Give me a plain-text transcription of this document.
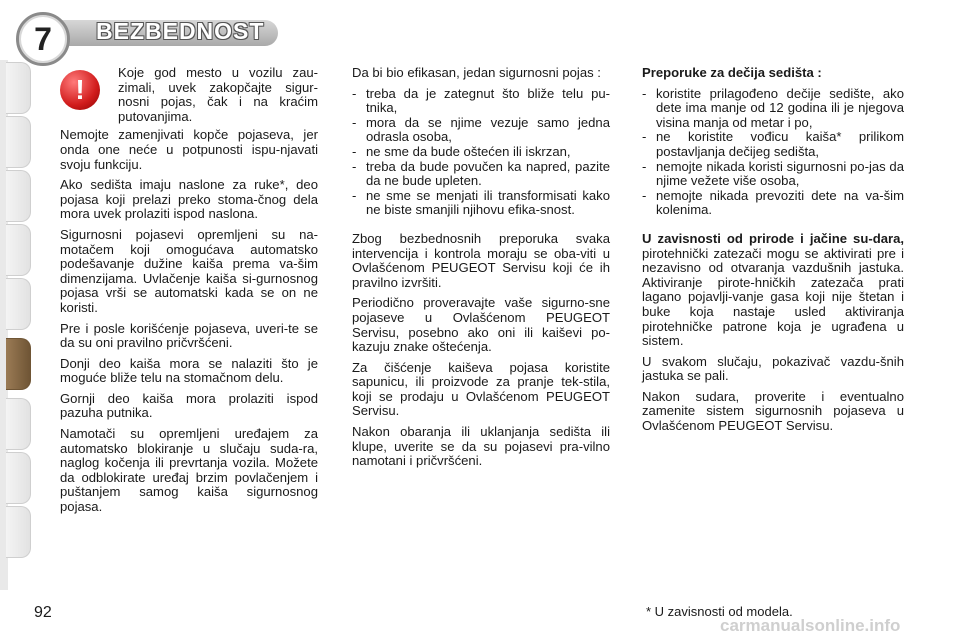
7	BEZBEDNOST
!

Koje god mesto u vozilu zau-zimali, uvek zakopčajte sigur-nosni pojas, čak i na kraćim putovanjima.

Nemojte zamenjivati kopče pojaseva, jer onda one neće u potpunosti ispu-njavati svoju funkciju.

Ako sedišta imaju naslone za ruke*, deo pojasa koji prelazi preko stoma-čnog dela mora uvek prolaziti ispod naslona.

Sigurnosni pojasevi opremljeni su na-motačem koji omogućava automatsko podešavanje dužine kaiša prema va-šim dimenzijama. Uvlačenje kaiša si-gurnosnog pojasa vrši se automatski kada se on ne koristi.

Pre i posle korišćenje pojaseva, uveri-te se da su oni pravilno pričvršćeni.

Donji deo kaiša mora se nalaziti što je moguće bliže telu na stomačnom delu.

Gornji deo kaiša mora prolaziti ispod pazuha putnika.

Namotači su opremljeni uređajem za automatsko blokiranje u slučaju suda-ra, naglog kočenja ili prevrtanja vozila. Možete da odblokirate uređaj brzim povlačenjem i puštanjem samog kaiša sigurnosnog pojasa.

Da bi bio efikasan, jedan sigurnosni pojas :

- treba da je zategnut što bliže telu pu-tnika,
- mora da se njime vezuje samo jedna odrasla osoba,
- ne sme da bude oštećen ili iskrzan,
- treba da bude povučen ka napred, pazite da ne bude upleten.
- ne sme se menjati ili transformisati kako ne biste smanjili njihovu efika-snost.

Zbog bezbednosnih preporuka svaka intervencija i kontrola moraju se oba-viti u Ovlašćenom PEUGEOT Servisu koji će ih pravilno izvršiti.

Periodično proveravajte vaše sigurno-sne pojaseve u Ovlašćenom PEUGEOT Servisu, posebno ako oni ili kaiševi po-kazuju znake oštećenja.

Za čišćenje kaiševa pojasa koristite sapunicu, ili proizvode za pranje tek-stila, koji se prodaju u Ovlašćenom PEUGEOT Servisu.

Nakon obaranja ili uklanjanja sedišta ili klupe, uverite se da su pojasevi pra-vilno namotani i pričvršćeni.

Preporuke za dečija sedišta :

- koristite prilagođeno dečije sedište, ako dete ima manje od 12 godina ili je njegova visina manja od metar i po,
- ne koristite vođicu kaiša* prilikom postavljanja dečijeg sedišta,
- nemojte nikada koristi sigurnosni po-jas da njime vežete više osoba,
- nemojte nikada prevoziti dete na va-šim kolenima.

U zavisnosti od prirode i jačine su-dara, pirotehnički zatezači mogu se aktivirati pre i nezavisno od otvaranja vazdušnih jastuka. Aktiviranje pirote-hničkih zatezača prati lagano pojavlji-vanje gasa koji nije štetan i buke koja nastaje usled aktiviranja pirotehničke patrone koja je ugrađena u sistem.

U svakom slučaju, pokazivač vazdu-šnih jastuka se pali.

Nakon sudara, proverite i eventualno zamenite sistem sigurnosnih pojaseva u Ovlašćenom PEUGEOT Servisu.

92	* U zavisnosti od modela.
carmanualsonline.info
